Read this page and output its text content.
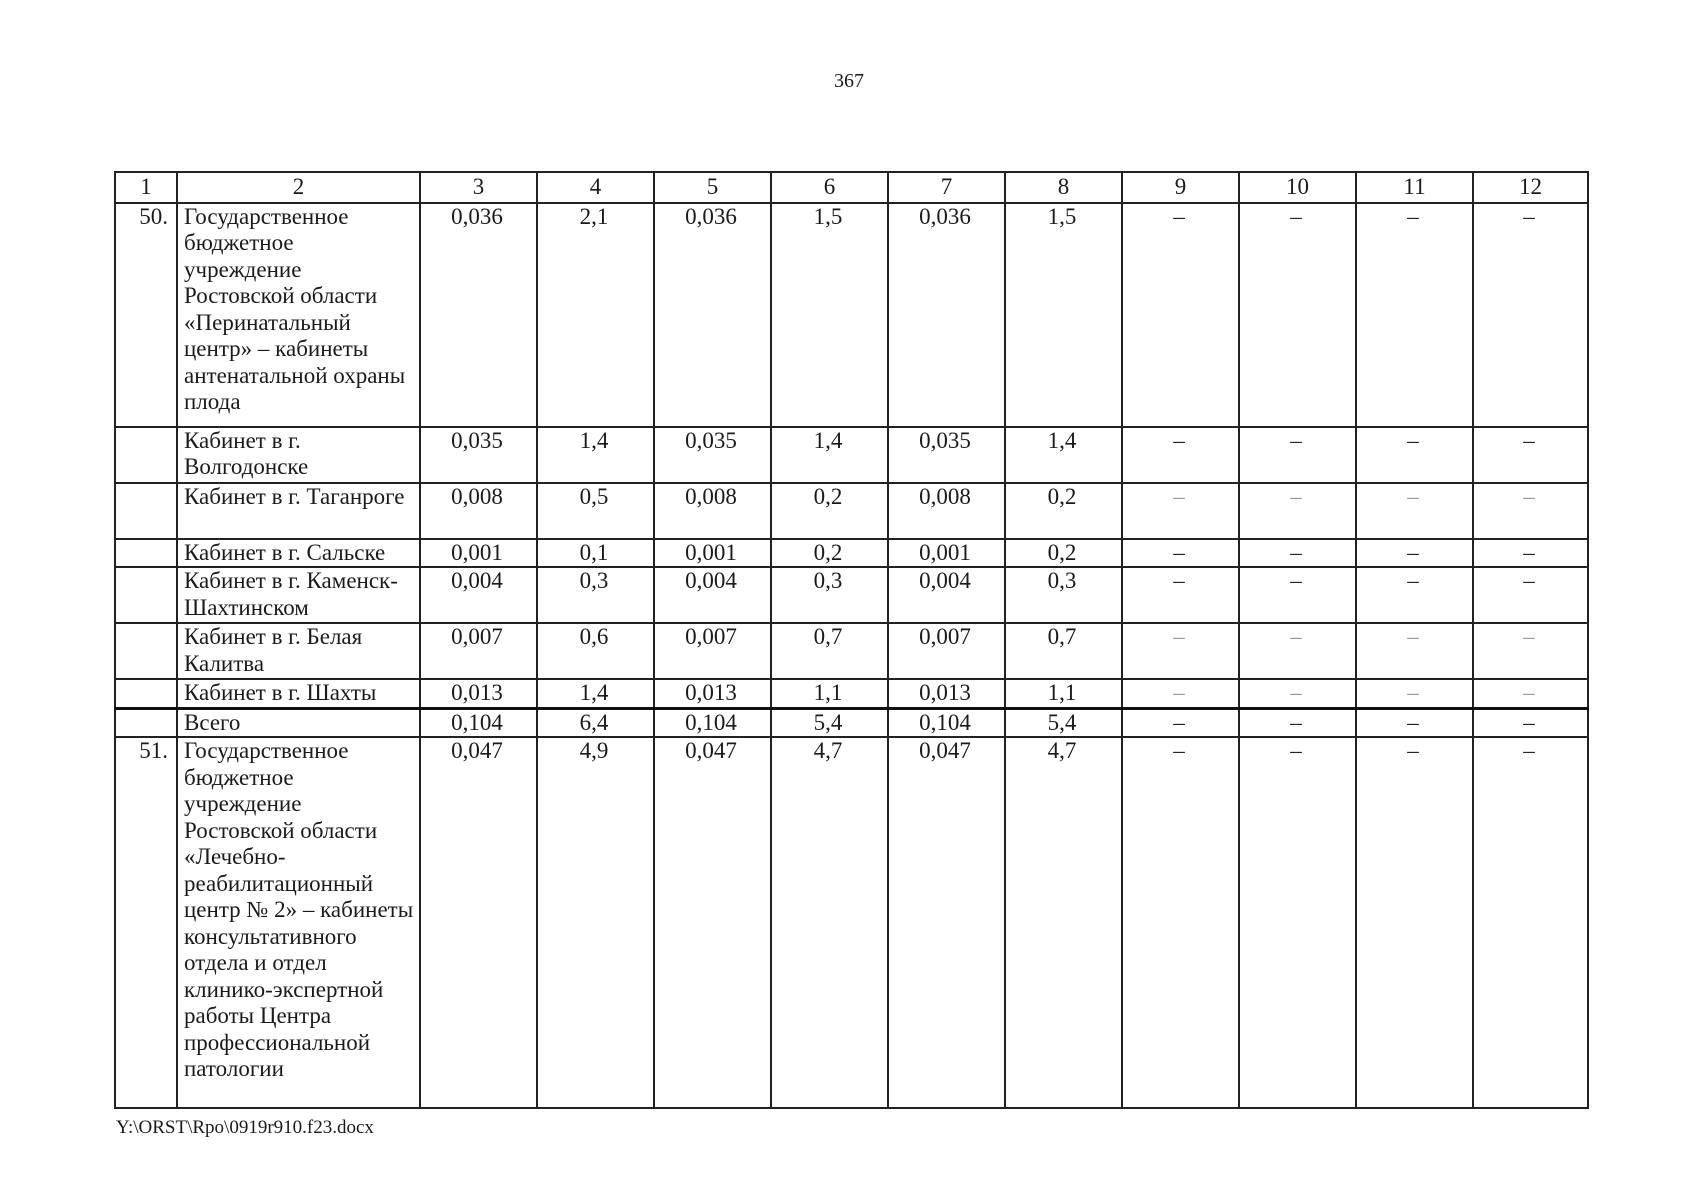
367
1	2	3	4	5	6	7	8	9	10	11	12
50.	Государственное бюджетное учреждение Ростовской области «Перинатальный центр» – кабинеты антенатальной охраны плода	0,036	2,1	0,036	1,5	0,036	1,5	–	–	–	–
	Кабинет в г. Волгодонске	0,035	1,4	0,035	1,4	0,035	1,4	–	–	–	–
	Кабинет в г. Таганроге	0,008	0,5	0,008	0,2	0,008	0,2	–	–	–	–
	Кабинет в г. Сальске	0,001	0,1	0,001	0,2	0,001	0,2	–	–	–	–
	Кабинет в г. Каменск-Шахтинском	0,004	0,3	0,004	0,3	0,004	0,3	–	–	–	–
	Кабинет в г. Белая Калитва	0,007	0,6	0,007	0,7	0,007	0,7	–	–	–	–
	Кабинет в г. Шахты	0,013	1,4	0,013	1,1	0,013	1,1	–	–	–	–
	Всего	0,104	6,4	0,104	5,4	0,104	5,4	–	–	–	–
51.	Государственное бюджетное учреждение Ростовской области «Лечебно-реабилитационный центр № 2» – кабинеты консультативного отдела и отдел клинико-экспертной работы Центра профессиональной патологии	0,047	4,9	0,047	4,7	0,047	4,7	–	–	–	–
Y:\ORST\Rpo\0919r910.f23.docx
